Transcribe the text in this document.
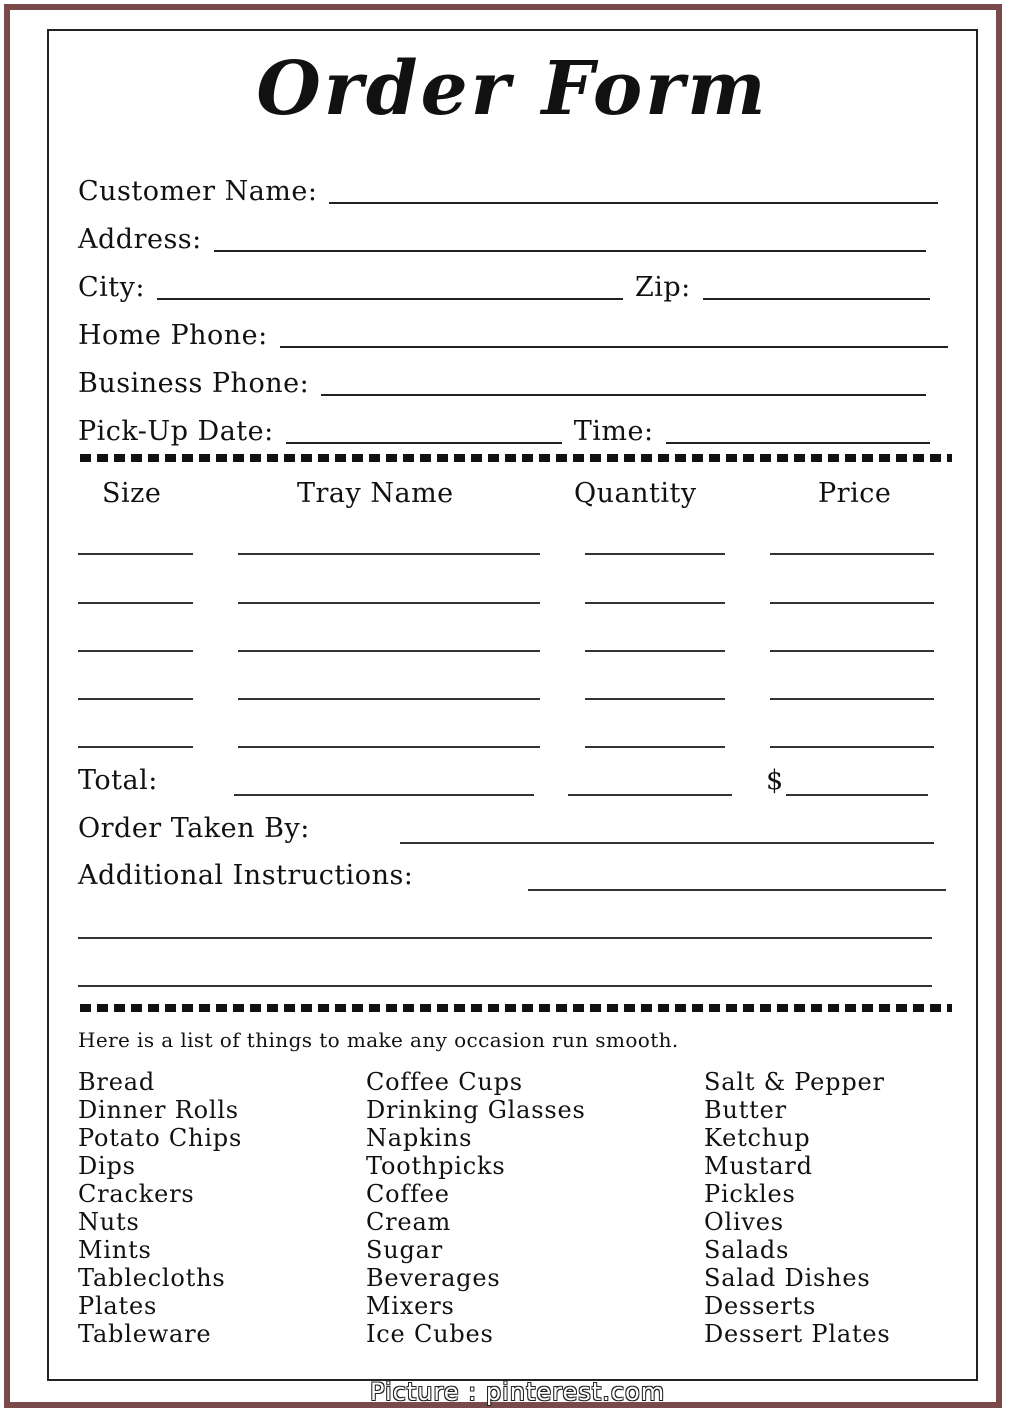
Order Form
Customer Name:
Address:
City:	Zip:
Home Phone:
Business Phone:
Pick-Up Date:	Time:
Size	Tray Name	Quantity	Price
Total:	$
Order Taken By:
Additional Instructions:
Here is a list of things to make any occasion run smooth.
Bread
Dinner Rolls
Potato Chips
Dips
Crackers
Nuts
Mints
Tablecloths
Plates
Tableware
Coffee Cups
Drinking Glasses
Napkins
Toothpicks
Coffee
Cream
Sugar
Beverages
Mixers
Ice Cubes
Salt & Pepper
Butter
Ketchup
Mustard
Pickles
Olives
Salads
Salad Dishes
Desserts
Dessert Plates
Picture : pinterest.com
